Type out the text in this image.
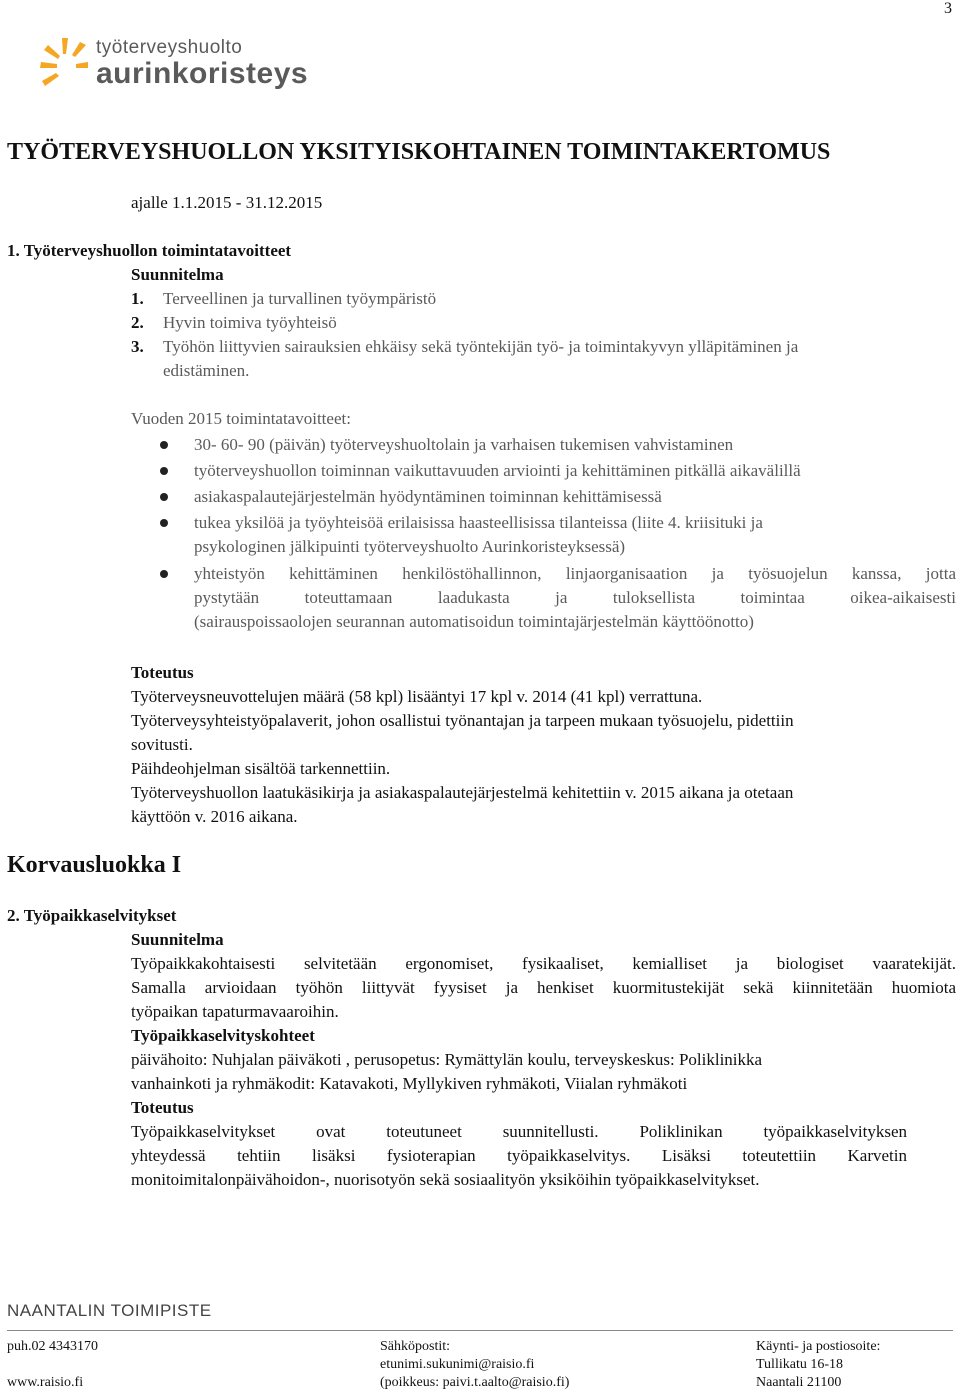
3
työterveyshuolto
aurinkoristeys
TYÖTERVEYSHUOLLON YKSITYISKOHTAINEN TOIMINTAKERTOMUS
ajalle 1.1.2015 - 31.12.2015
1. Työterveyshuollon toimintatavoitteet
Suunnitelma
1. Terveellinen ja turvallinen työympäristö
2. Hyvin toimiva työyhteisö
3. Työhön liittyvien sairauksien ehkäisy sekä työntekijän työ- ja toimintakyvyn ylläpitäminen ja
edistäminen.
Vuoden 2015 toimintatavoitteet:
30- 60- 90 (päivän) työterveyshuoltolain ja varhaisen tukemisen vahvistaminen
työterveyshuollon toiminnan vaikuttavuuden arviointi ja kehittäminen pitkällä aikavälillä
asiakaspalautejärjestelmän hyödyntäminen toiminnan kehittämisessä
tukea yksilöä ja työyhteisöä erilaisissa haasteellisissa tilanteissa (liite 4. kriisituki ja
psykologinen jälkipuinti työterveyshuolto Aurinkoristeyksessä)
yhteistyön kehittäminen henkilöstöhallinnon, linjaorganisaation ja työsuojelun kanssa, jotta
pystytään toteuttamaan laadukasta ja tuloksellista toimintaa oikea-aikaisesti
(sairauspoissaolojen seurannan automatisoidun toimintajärjestelmän käyttöönotto)
Toteutus
Työterveysneuvottelujen määrä (58 kpl) lisääntyi 17 kpl v. 2014 (41 kpl) verrattuna.
Työterveysyhteistyöpalaverit, johon osallistui työnantajan ja tarpeen mukaan työsuojelu, pidettiin
sovitusti.
Päihdeohjelman sisältöä tarkennettiin.
Työterveyshuollon laatukäsikirja ja asiakaspalautejärjestelmä kehitettiin v. 2015 aikana ja otetaan
käyttöön v. 2016 aikana.
Korvausluokka I
2. Työpaikkaselvitykset
Suunnitelma
Työpaikkakohtaisesti selvitetään ergonomiset, fysikaaliset, kemialliset ja biologiset vaaratekijät.
Samalla arvioidaan työhön liittyvät fyysiset ja henkiset kuormitustekijät sekä kiinnitetään huomiota
työpaikan tapaturmavaaroihin.
Työpaikkaselvityskohteet
päivähoito: Nuhjalan päiväkoti , perusopetus: Rymättylän koulu, terveyskeskus: Poliklinikka
vanhainkoti ja ryhmäkodit: Katavakoti, Myllykiven ryhmäkoti, Viialan ryhmäkoti
Toteutus
Työpaikkaselvitykset ovat toteutuneet suunnitellusti. Poliklinikan työpaikkaselvityksen
yhteydessä tehtiin lisäksi fysioterapian työpaikkaselvitys. Lisäksi toteutettiin Karvetin
monitoimitalonpäivähoidon-, nuorisotyön sekä sosiaalityön yksiköihin työpaikkaselvitykset.
NAANTALIN TOIMIPISTE
puh.02 4343170
www.raisio.fi
Sähköpostit:
etunimi.sukunimi@raisio.fi
(poikkeus: paivi.t.aalto@raisio.fi)
Käynti- ja postiosoite:
Tullikatu 16-18
Naantali 21100
